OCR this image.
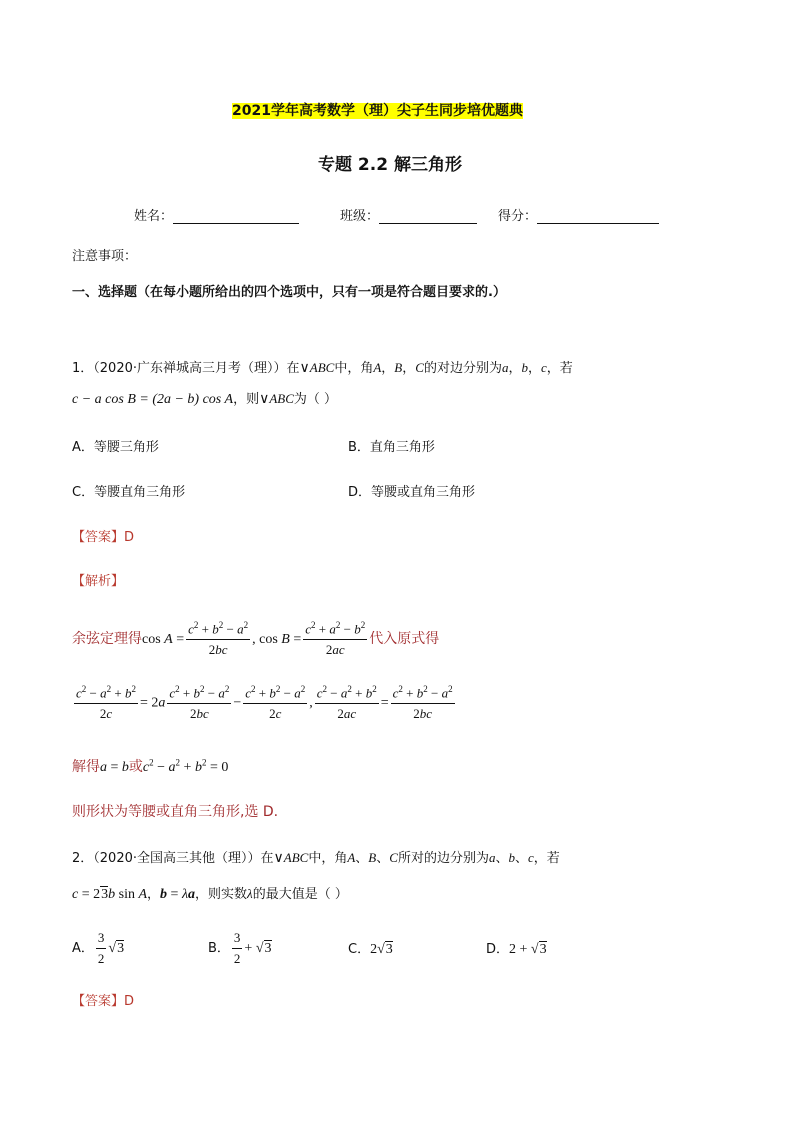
2021学年高考数学（理）尖子生同步培优题典
专题 2.2 解三角形
姓名：	班级：	得分：
注意事项：
一、选择题（在每小题所给出的四个选项中，只有一项是符合题目要求的.）
1．（2020·广东禅城高三月考（理））在∨ABC中，角A，B，C的对边分别为a，b，c，若
c − a cos B = (2a − b) cos A，则∨ABC为（ ）
A．等腰三角形	B．直角三角形
C．等腰直角三角形	D．等腰或直角三角形
【答案】D
【解析】
余弦定理得$\cos A = \frac{c^2 + b^2 - a^2}{2bc}$ , $\cos B = \frac{c^2 + a^2 - b^2}{2ac}$ 代入原式得
$\frac{c^2 - a^2 + b^2}{2c} = 2a \frac{c^2 + b^2 - a^2}{2bc} - \frac{c^2 + b^2 - a^2}{2c}$ , $\frac{c^2 - a^2 + b^2}{2ac} = \frac{c^2 + b^2 - a^2}{2bc}$
解得a = b或$c^2 - a^2 + b^2 = 0$
则形状为等腰或直角三角形,选 D.
2．（2020·全国高三其他（理））在∨ABC中，角A、B、C所对的边分别为a、b、c，若
c = 23b sin A，b = λa，则实数λ的最大值是（ ）
A． $\frac{3}{2} √3$	B． $\frac{3}{2} + √3$	C．2√3	D．2 + √3
【答案】D
